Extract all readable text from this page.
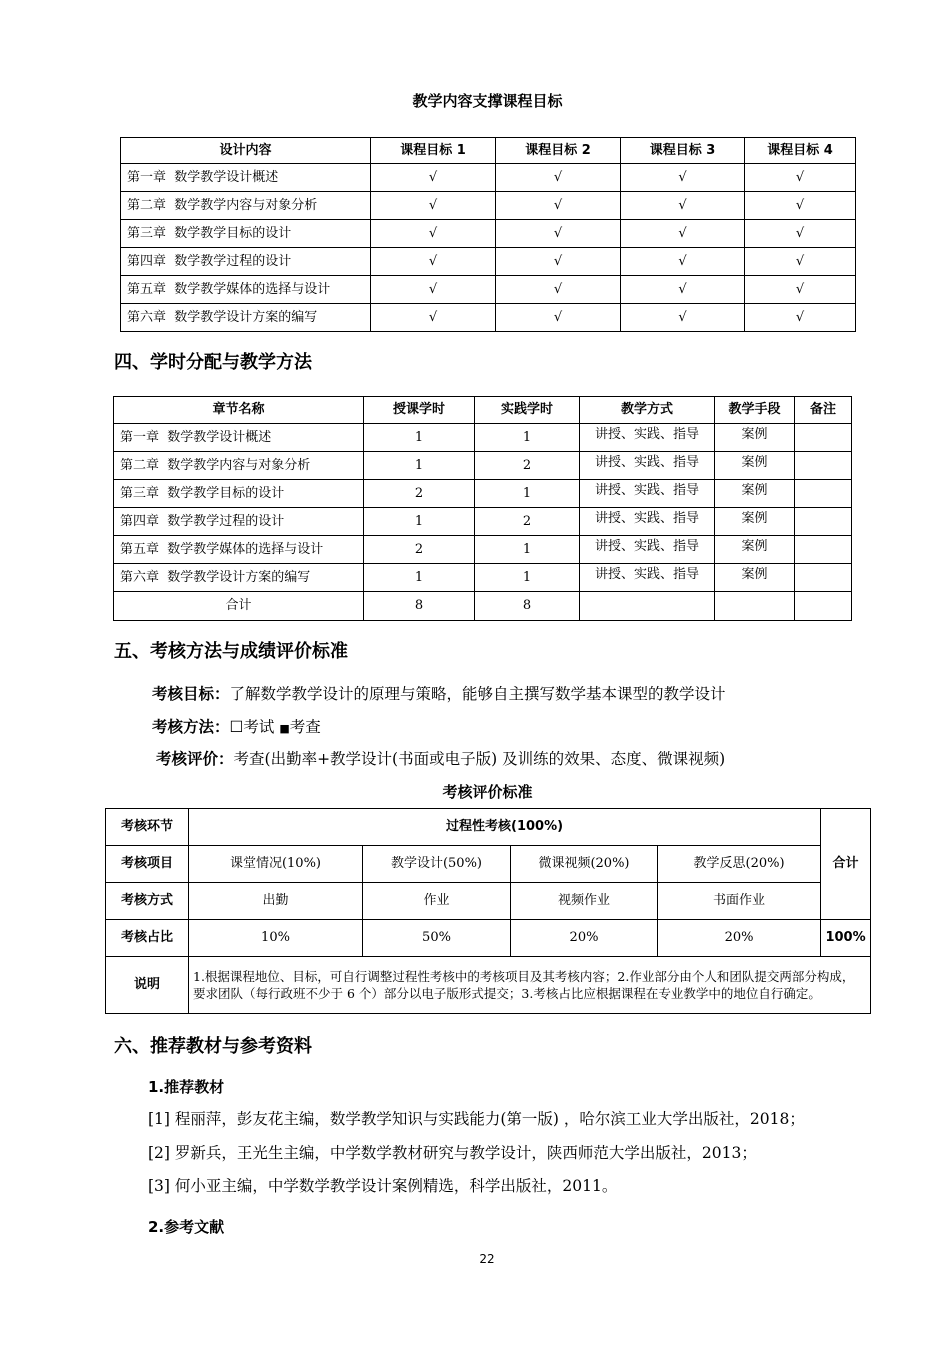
教学内容支撑课程目标
设计内容	课程目标 1	课程目标 2	课程目标 3	课程目标 4
第一章  数学教学设计概述	√	√	√	√
第二章  数学教学内容与对象分析	√	√	√	√
第三章  数学教学目标的设计	√	√	√	√
第四章  数学教学过程的设计	√	√	√	√
第五章  数学教学媒体的选择与设计	√	√	√	√
第六章  数学教学设计方案的编写	√	√	√	√
四、学时分配与教学方法
章节名称	授课学时	实践学时	教学方式	教学手段	备注
第一章  数学教学设计概述	1	1	讲授、实践、指导	案例	
第二章  数学教学内容与对象分析	1	2	讲授、实践、指导	案例	
第三章  数学教学目标的设计	2	1	讲授、实践、指导	案例	
第四章  数学教学过程的设计	1	2	讲授、实践、指导	案例	
第五章  数学教学媒体的选择与设计	2	1	讲授、实践、指导	案例	
第六章  数学教学设计方案的编写	1	1	讲授、实践、指导	案例	
合计	8	8			
五、考核方法与成绩评价标准
考核目标：了解数学教学设计的原理与策略，能够自主撰写数学基本课型的教学设计
考核方法：☐考试 ■考查
考核评价：考查(出勤率+教学设计(书面或电子版) 及训练的效果、态度、微课视频)
考核评价标准
考核环节	过程性考核(100%)				合计
考核项目	课堂情况(10%)	教学设计(50%)	微课视频(20%)	教学反思(20%)	
考核方式	出勤	作业	视频作业	书面作业	
考核占比	10%	50%	20%	20%	100%
说明	1.根据课程地位、目标，可自行调整过程性考核中的考核项目及其考核内容；2.作业部分由个人和团队提交两部分构成，要求团队（每行政班不少于 6 个）部分以电子版形式提交；3.考核占比应根据课程在专业教学中的地位自行确定。				
六、推荐教材与参考资料
1.推荐教材
[1] 程丽萍，彭友花主编，数学教学知识与实践能力(第一版) ，哈尔滨工业大学出版社，2018；
[2] 罗新兵，王光生主编，中学数学教材研究与教学设计，陕西师范大学出版社，2013；
[3] 何小亚主编，中学数学教学设计案例精选，科学出版社，2011。
2.参考文献
22
